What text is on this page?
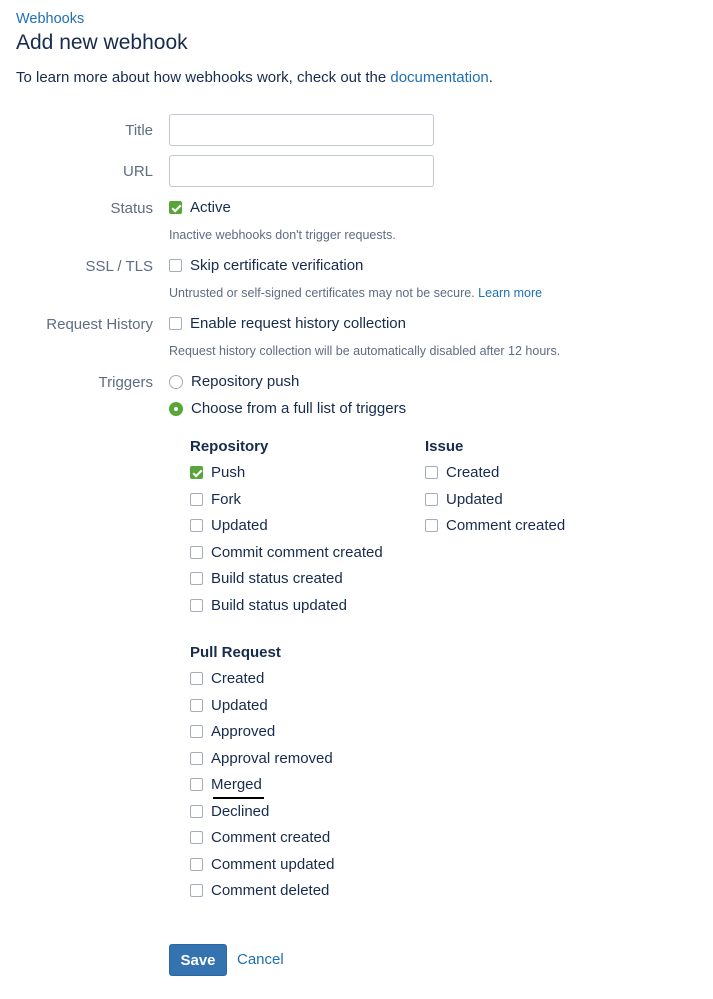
Webhooks
Add new webhook
To learn more about how webhooks work, check out the documentation.
Title
URL
Status Active
Inactive webhooks don't trigger requests.
SSL / TLS Skip certificate verification
Untrusted or self-signed certificates may not be secure. Learn more
Request History Enable request history collection
Request history collection will be automatically disabled after 12 hours.
Triggers	Repository push
Choose from a full list of triggers
Repository
Push
Fork
Updated
Commit comment created
Build status created
Build status updated
Issue
Created
Updated
Comment created
Pull Request
Created
Updated
Approved
Approval removed
Merged
Declined
Comment created
Comment updated
Comment deleted
Save	Cancel
